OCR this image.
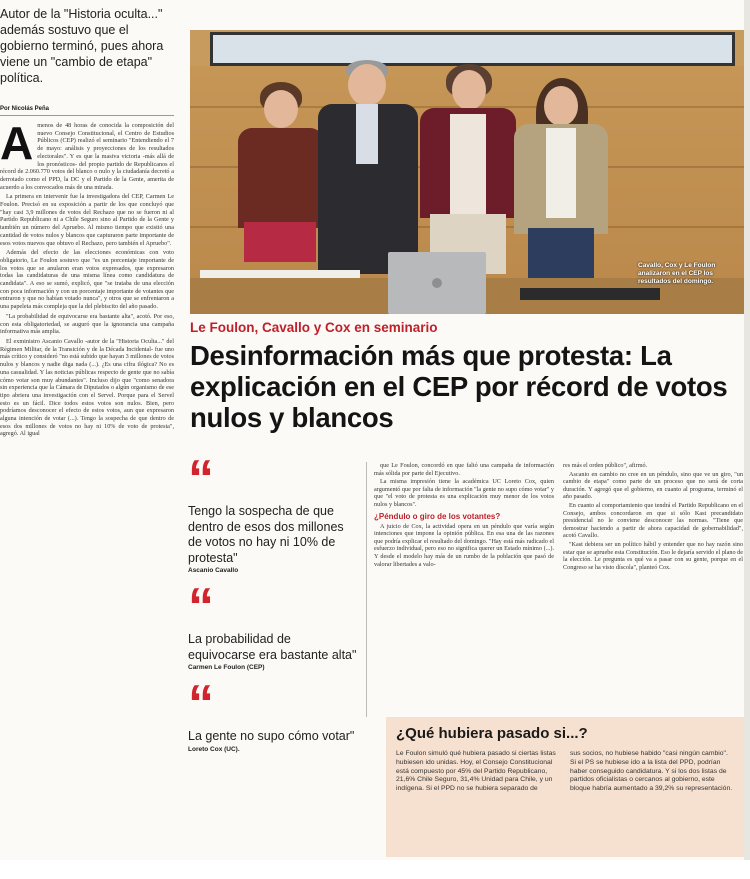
Autor de la "Historia oculta..." además sostuvo que el gobierno terminó, pues ahora viene un "cambio de etapa" política.
Por Nicolás Peña
A menos de 48 horas de conocida la composición del nuevo Consejo Constitucional, el Centro de Estudios Públicos (CEP) realizó el seminario "Entendiendo el 7 de mayo: análisis y proyecciones de los resultados electorales". Y es que la masiva victoria -más allá de los pronósticos- del propio partido de Republicanos el récord de 2.060.770 votos del blanco o nulo y la ciudadanía decretó a derrotado como el PPD, la DC y el Partido de la Gente, amerita de acuerdo a los convocados más de una mirada.

La primera en intervenir fue la investigadora del CEP, Carmen Le Foulon. Precisó en su exposición a partir de los que concluyó que "hay casi 3,9 millones de votos del Rechazo que no se fueron ni al Partido Republicano ni a Chile Seguro sino al Partido de la Gente y también un número del Apruebo. Al mismo tiempo que existió una cantidad de votos nulos y blancos que capturaron parte importante de esos votos nuevos que obtuvo el Rechazo, pero también el Apruebo".

Además del efecto de las elecciones económicas con voto obligatorio, Le Foulon sostuvo que "es un porcentaje importante de los votos que se anularon eran votos expresados, que expresaron todas las candidaturas de una misma línea como candidatura de candidata". A eso se sumó, explicó, que "se trataba de una elección con poca información y con un porcentaje importante de votantes que entraron y que no habían votado nunca", y otros que se enfrentaron a una papeleta más compleja que la del plebiscito del año pasado.

"La probabilidad de equivocarse era bastante alta", acotó. Por eso, con esta obligatoriedad, se auguró que la ignorancia una campaña informativa más amplia.

El exministro Ascanio Cavallo -autor de la "Historia Oculta..." del Régimen Militar, de la Transición y de la Década Incidental- fue uno más crítico y consideró "no está subido que hayan 3 millones de votos nulos y blancos y nadie diga nada (...). ¿Es una cifra ilógica? No es una casualidad. Y las noticias públicas respecto de gente que no sabía cómo votar son muy abundantes". Incluso dijo que "como senadora sin experiencia que la Cámara de Diputados o algún organismo de ese tipo abriera una investigación con el Servel. Porque para el Servel esto es un fácil. Dice todos estos votos son nulos. Bien, pero podríamos desconocer el efecto de estos votos, aun que expresaron alguna intención de votar (...). Tengo la sospecha de que dentro de esos dos millones de votos no hay ni 10% de voto de protesta", agregó. Al igual

Cavallo, Cox y Le Foulon analizaron en el CEP los resultados del domingo.
Le Foulon, Cavallo y Cox en seminario
Desinformación más que protesta: La explicación en el CEP por récord de votos nulos y blancos
“
Tengo la sospecha de que dentro de esos dos millones de votos no hay ni 10% de protesta"
Ascanio Cavallo
“
La probabilidad de equivocarse era bastante alta"
Carmen Le Foulon (CEP)
“
La gente no supo cómo votar"
Loreto Cox (UC).

que Le Foulon, concordó en que faltó una campaña de información más sólida por parte del Ejecutivo.

La misma impresión tiene la académica UC Loreto Cox, quien argumentó que por falta de información "la gente no supo cómo votar" y que "el voto de protesta es una explicación muy menor de los votos nulos y blancos".

¿Péndulo o giro de los votantes?

A juicio de Cox, la actividad opera en un péndulo que varía según intenciones que impone la opinión pública. En esa una de las razones que podría explicar el resultado del domingo. "Hay está más radicado el esfuerzo individual, pero eso no significa querer un Estado mínimo (...). Y desde el modelo hay más de un rumbo de la población que pasó de valorar libertades a valo-

res más el orden público", afirmó.

Ascanio en cambio no cree en un péndulo, sino que ve un giro, "un cambio de etapa" como parte de un proceso que no será de corta duración. Y agregó que el gobierno, en cuanto al programa, terminó el año pasado.

En cuanto al comportamiento que tendrá el Partido Republicano en el Consejo, ambos concordaron en que si sólo Kast precandidato presidencial no le conviene desconocer las normas. "Tiene que demostrar haciendo a partir de ahora capacidad de gobernabilidad", acotó Cavallo.

"Kast debiera ser un político hábil y entender que no hay razón sino estar que se apruebe esta Constitución. Eso le dejaría servido el plano de la elección. Le pregunta es qué va a pasar con su gente, porque en el Congreso se ha visto díscola", planteó Cox.

¿Qué hubiera pasado si...?
Le Foulon simuló qué hubiera pasado si ciertas listas hubiesen ido unidas. Hoy, el Consejo Constitucional está compuesto por 45% del Partido Republicano, 21,6% Chile Seguro, 31,4% Unidad para Chile, y un indígena. Si el PPD no se hubiera separado de
sus socios, no hubiese habido "casi ningún cambio". Si el PS se hubiese ido a la lista del PPD, podrían haber conseguido candidatura. Y si los dos listas de partidos oficialistas o cercanos al gobierno, este bloque habría aumentado a 39,2% su representación.
